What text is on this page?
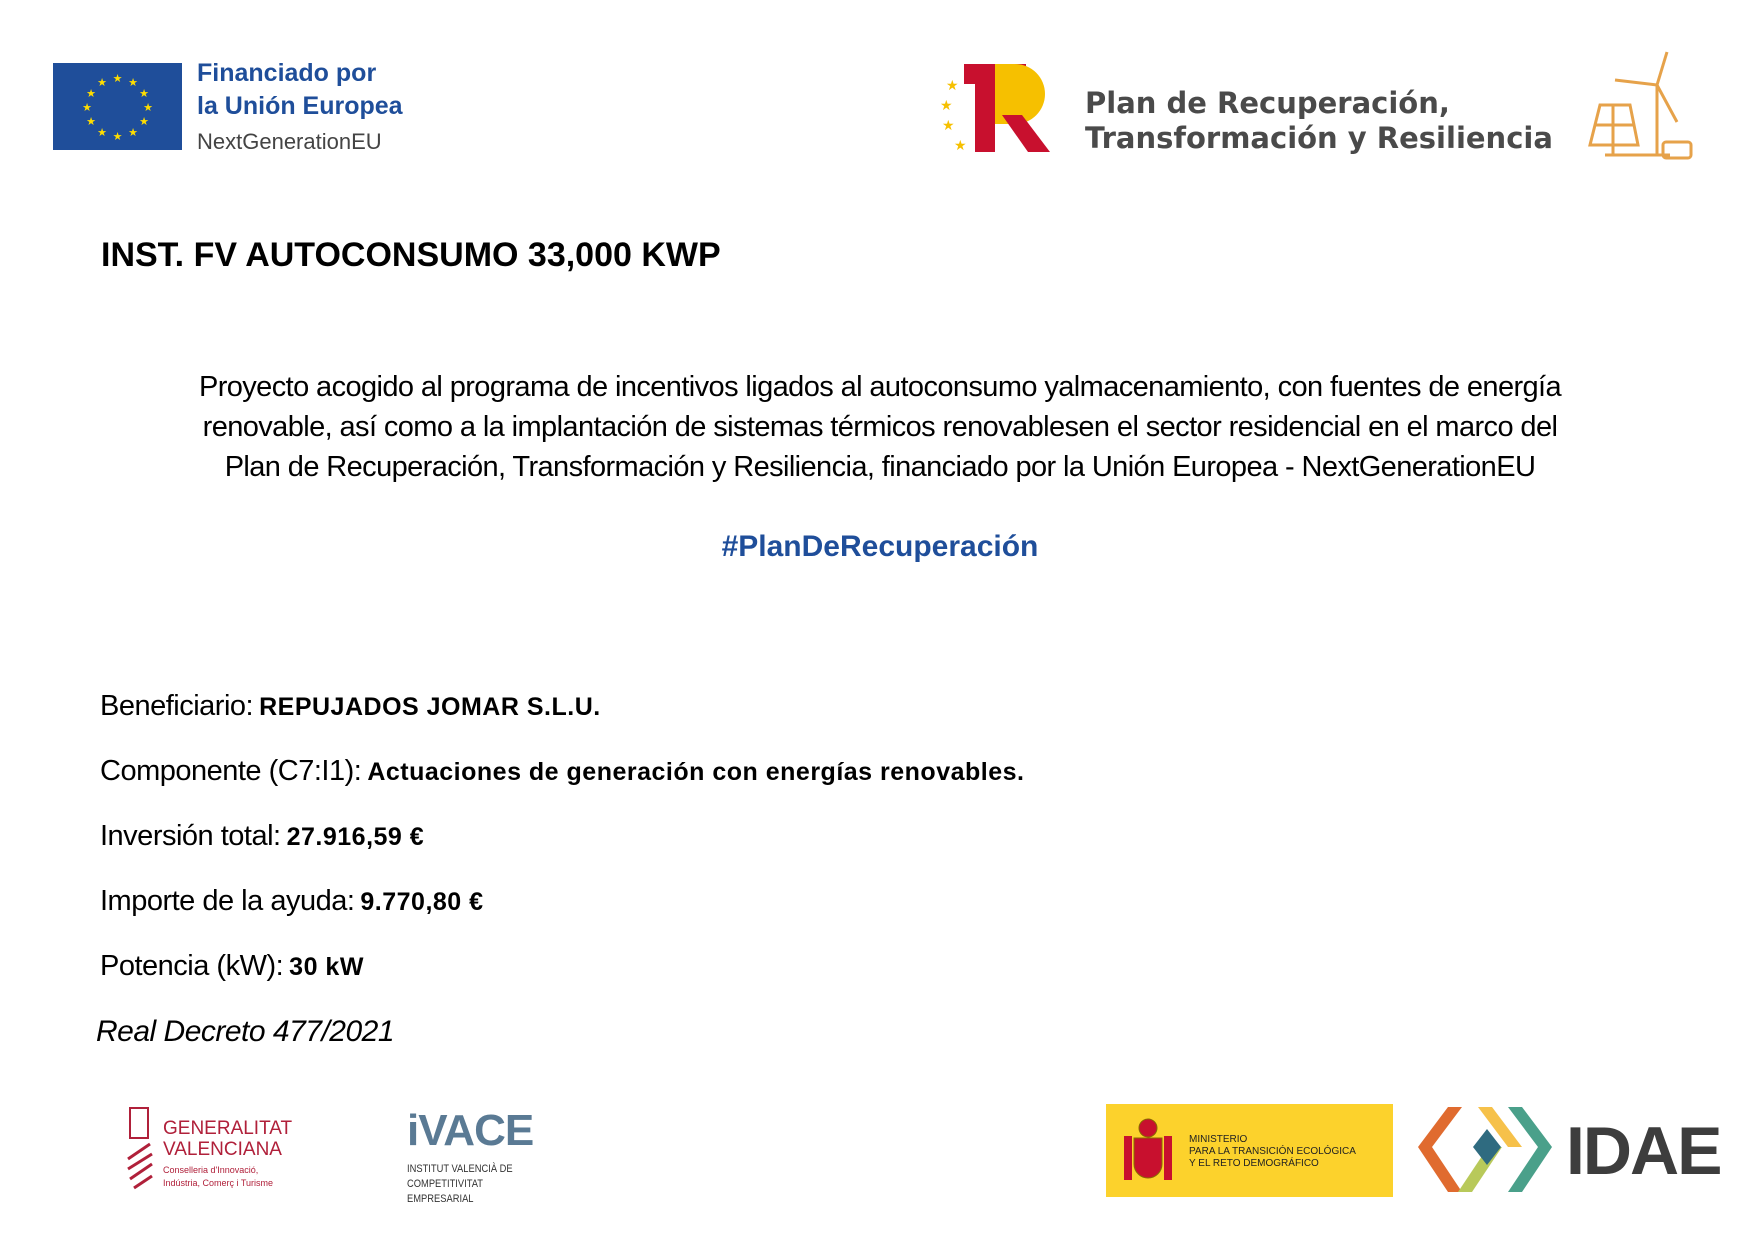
★ ★
★
★
★
★
★
★
★
★
★
★	Financiado por
la Unión Europea
NextGenerationEU
★
★
★
★
Plan de Recuperación,
Transformación y Resiliencia
INST. FV AUTOCONSUMO 33,000 KWP
Proyecto acogido al programa de incentivos ligados al autoconsumo yalmacenamiento, con fuentes de energía
renovable, así como a la implantación de sistemas térmicos renovablesen el sector residencial en el marco del
Plan de Recuperación, Transformación y Resiliencia, financiado por la Unión Europea - NextGenerationEU
#PlanDeRecuperación
Beneficiario: REPUJADOS JOMAR S.L.U.
Componente (C7:I1): Actuaciones de generación con energías renovables.
Inversión total: 27.916,59 €
Importe de la ayuda: 9.770,80 €
Potencia (kW): 30 kW
Real Decreto 477/2021
GENERALITAT
VALENCIANA
Conselleria d'Innovació,
Indústria, Comerç i Turisme
iVACE
INSTITUT VALENCIÀ DE
COMPETITIVITAT EMPRESARIAL
MINISTERIO
PARA LA TRANSICIÓN ECOLÓGICA
Y EL RETO DEMOGRÁFICO	IDAE
